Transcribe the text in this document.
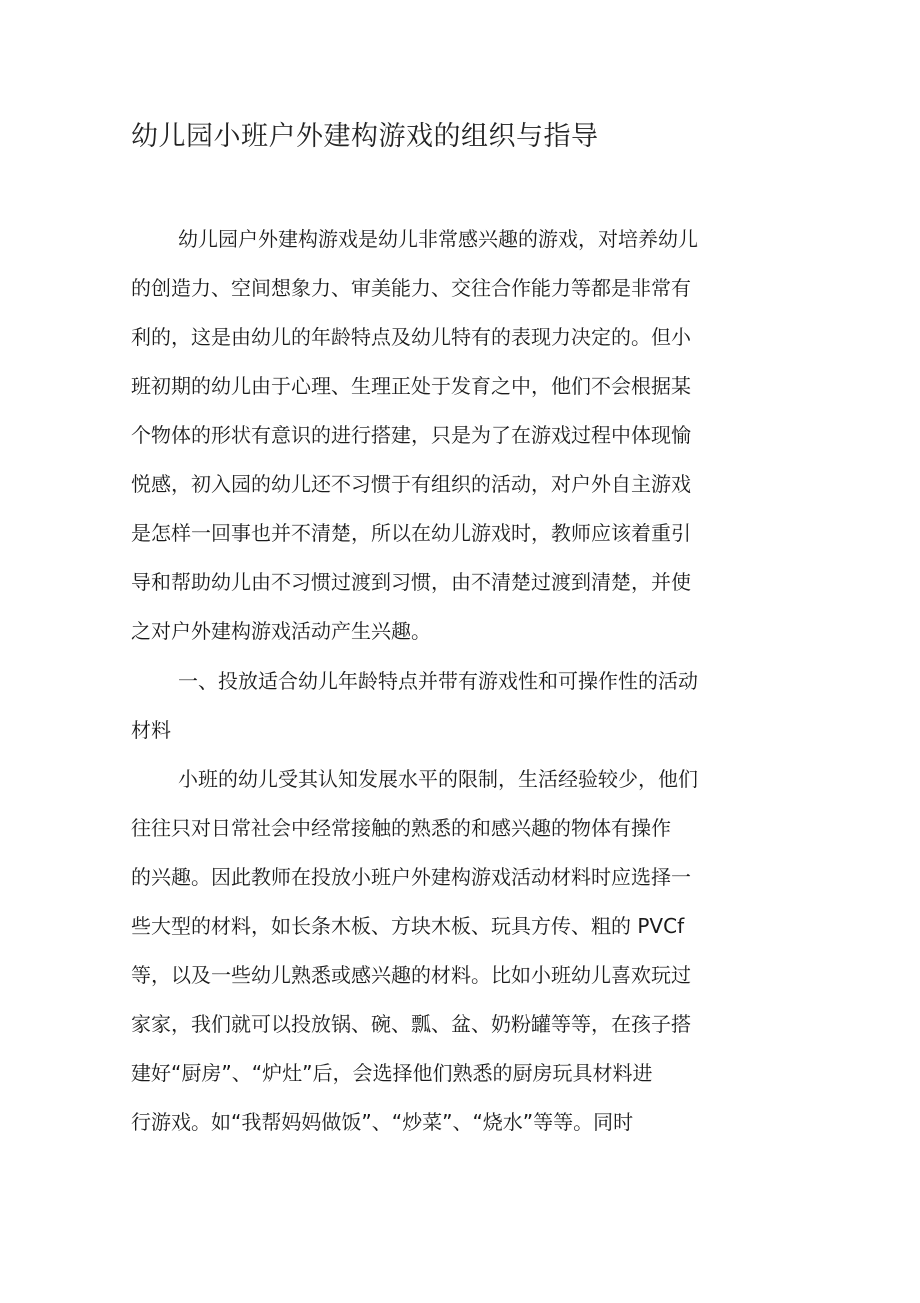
幼儿园小班户外建构游戏的组织与指导
幼儿园户外建构游戏是幼儿非常感兴趣的游戏，对培养幼儿
的创造力、空间想象力、审美能力、交往合作能力等都是非常有
利的，这是由幼儿的年龄特点及幼儿特有的表现力决定的。但小
班初期的幼儿由于心理、生理正处于发育之中，他们不会根据某
个物体的形状有意识的进行搭建，只是为了在游戏过程中体现愉
悦感，初入园的幼儿还不习惯于有组织的活动，对户外自主游戏
是怎样一回事也并不清楚，所以在幼儿游戏时，教师应该着重引
导和帮助幼儿由不习惯过渡到习惯，由不清楚过渡到清楚，并使
之对户外建构游戏活动产生兴趣。
一、投放适合幼儿年龄特点并带有游戏性和可操作性的活动
材料
小班的幼儿受其认知发展水平的限制，生活经验较少，他们
往往只对日常社会中经常接触的熟悉的和感兴趣的物体有操作
的兴趣。因此教师在投放小班户外建构游戏活动材料时应选择一
些大型的材料，如长条木板、方块木板、玩具方传、粗的 PVCf
等，以及一些幼儿熟悉或感兴趣的材料。比如小班幼儿喜欢玩过
家家，我们就可以投放锅、碗、瓢、盆、奶粉罐等等，在孩子搭
建好“厨房”、“炉灶”后，会选择他们熟悉的厨房玩具材料进
行游戏。如“我帮妈妈做饭”、“炒菜”、“烧水”等等。同时
